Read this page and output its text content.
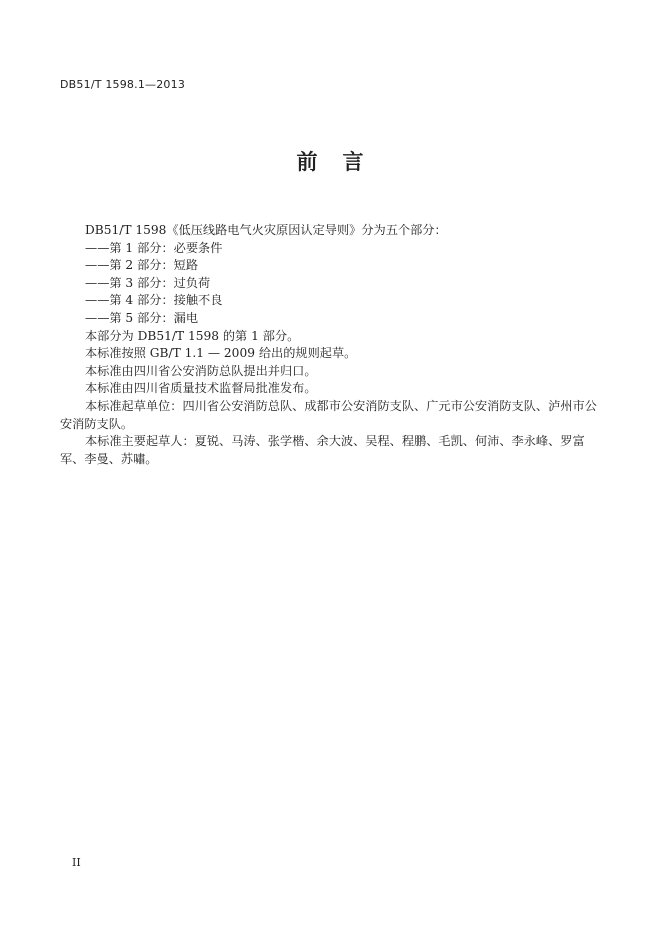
DB51/T 1598.1—2013
前　言

DB51/T 1598《低压线路电气火灾原因认定导则》分为五个部分：

——第 1 部分：必要条件

——第 2 部分：短路

——第 3 部分：过负荷

——第 4 部分：接触不良

——第 5 部分：漏电

本部分为 DB51/T 1598 的第 1 部分。

本标准按照 GB/T 1.1 — 2009 给出的规则起草。

本标准由四川省公安消防总队提出并归口。

本标准由四川省质量技术监督局批准发布。

本标准起草单位：四川省公安消防总队、成都市公安消防支队、广元市公安消防支队、泸州市公安消防支队。

本标准主要起草人：夏锐、马涛、张学楷、余大波、吴程、程鹏、毛凯、何沛、李永峰、罗富军、李曼、苏嘯。

II
